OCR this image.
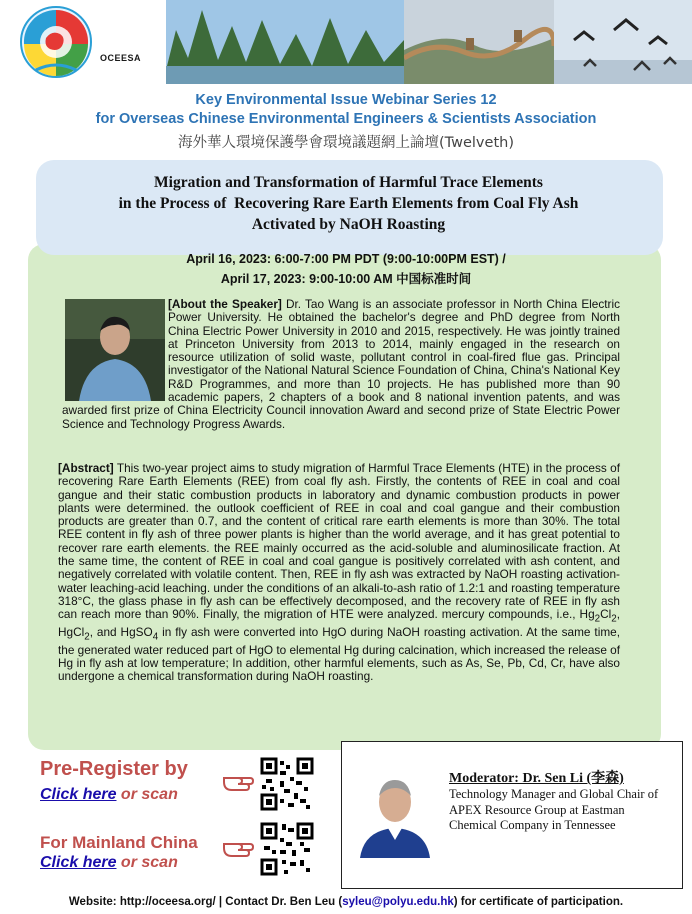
OCEESA
Key Environmental Issue Webinar Series 12
for Overseas Chinese Environmental Engineers & Scientists Association
海外華人環境保護學會環境議題網上論壇(Twelveth)
Migration and Transformation of Harmful Trace Elements
in the Process of  Recovering Rare Earth Elements from Coal Fly Ash
Activated by NaOH Roasting
April 16, 2023: 6:00-7:00 PM PDT (9:00-10:00PM EST) /
April 17, 2023: 9:00-10:00 AM 中国标准时间
[About the Speaker] Dr. Tao Wang is an associate professor in North China Electric Power University. He obtained the bachelor's degree and PhD degree from North China Electric Power University in 2010 and 2015, respectively. He was jointly trained at Princeton University from 2013 to 2014, mainly engaged in the research on resource utilization of solid waste, pollutant control in coal-fired flue gas. Principal investigator of the National Natural Science Foundation of China, China's National Key R&D Programmes, and more than 10 projects. He has published more than 90 academic papers, 2 chapters of a book and 8 national invention patents, and was awarded first prize of China Electricity Council innovation Award and second prize of State Electric Power Science and Technology Progress Awards.
[Abstract] This two-year project aims to study migration of Harmful Trace Elements (HTE) in the process of recovering Rare Earth Elements (REE) from coal fly ash. Firstly, the contents of REE in coal and coal gangue and their static combustion products in laboratory and dynamic combustion products in power plants were determined. the outlook coefficient of REE in coal and coal gangue and their combustion products are greater than 0.7, and the content of critical rare earth elements is more than 30%. The total REE content in fly ash of three power plants is higher than the world average, and it has great potential to recover rare earth elements. the REE mainly occurred as the acid-soluble and aluminosilicate fraction. At the same time, the content of REE in coal and coal gangue is positively correlated with ash content, and negatively correlated with volatile content. Then, REE in fly ash was extracted by NaOH roasting activation-water leaching-acid leaching. under the conditions of an alkali-to-ash ratio of 1.2:1 and roasting temperature 318°C, the glass phase in fly ash can be effectively decomposed, and the recovery rate of REE in fly ash can reach more than 90%. Finally, the migration of HTE were analyzed. mercury compounds, i.e., $Hg_2Cl_2$, HgCl$_2$, and HgSO$_4$ in fly ash were converted into HgO during NaOH roasting activation. At the same time, the generated water reduced part of HgO to elemental Hg during calcination, which increased the release of Hg in fly ash at low temperature; In addition, other harmful elements, such as As, Se, Pb, Cd, Cr, have also undergone a chemical transformation during NaOH roasting.
Pre-Register by
Click here or scan
For Mainland China
Click here or scan
Moderator: Dr. Sen Li (李森)
Technology Manager and Global Chair of APEX Resource Group at Eastman Chemical Company in Tennessee
Website: http://oceesa.org/ | Contact Dr. Ben Leu (syleu@polyu.edu.hk) for certificate of participation.
